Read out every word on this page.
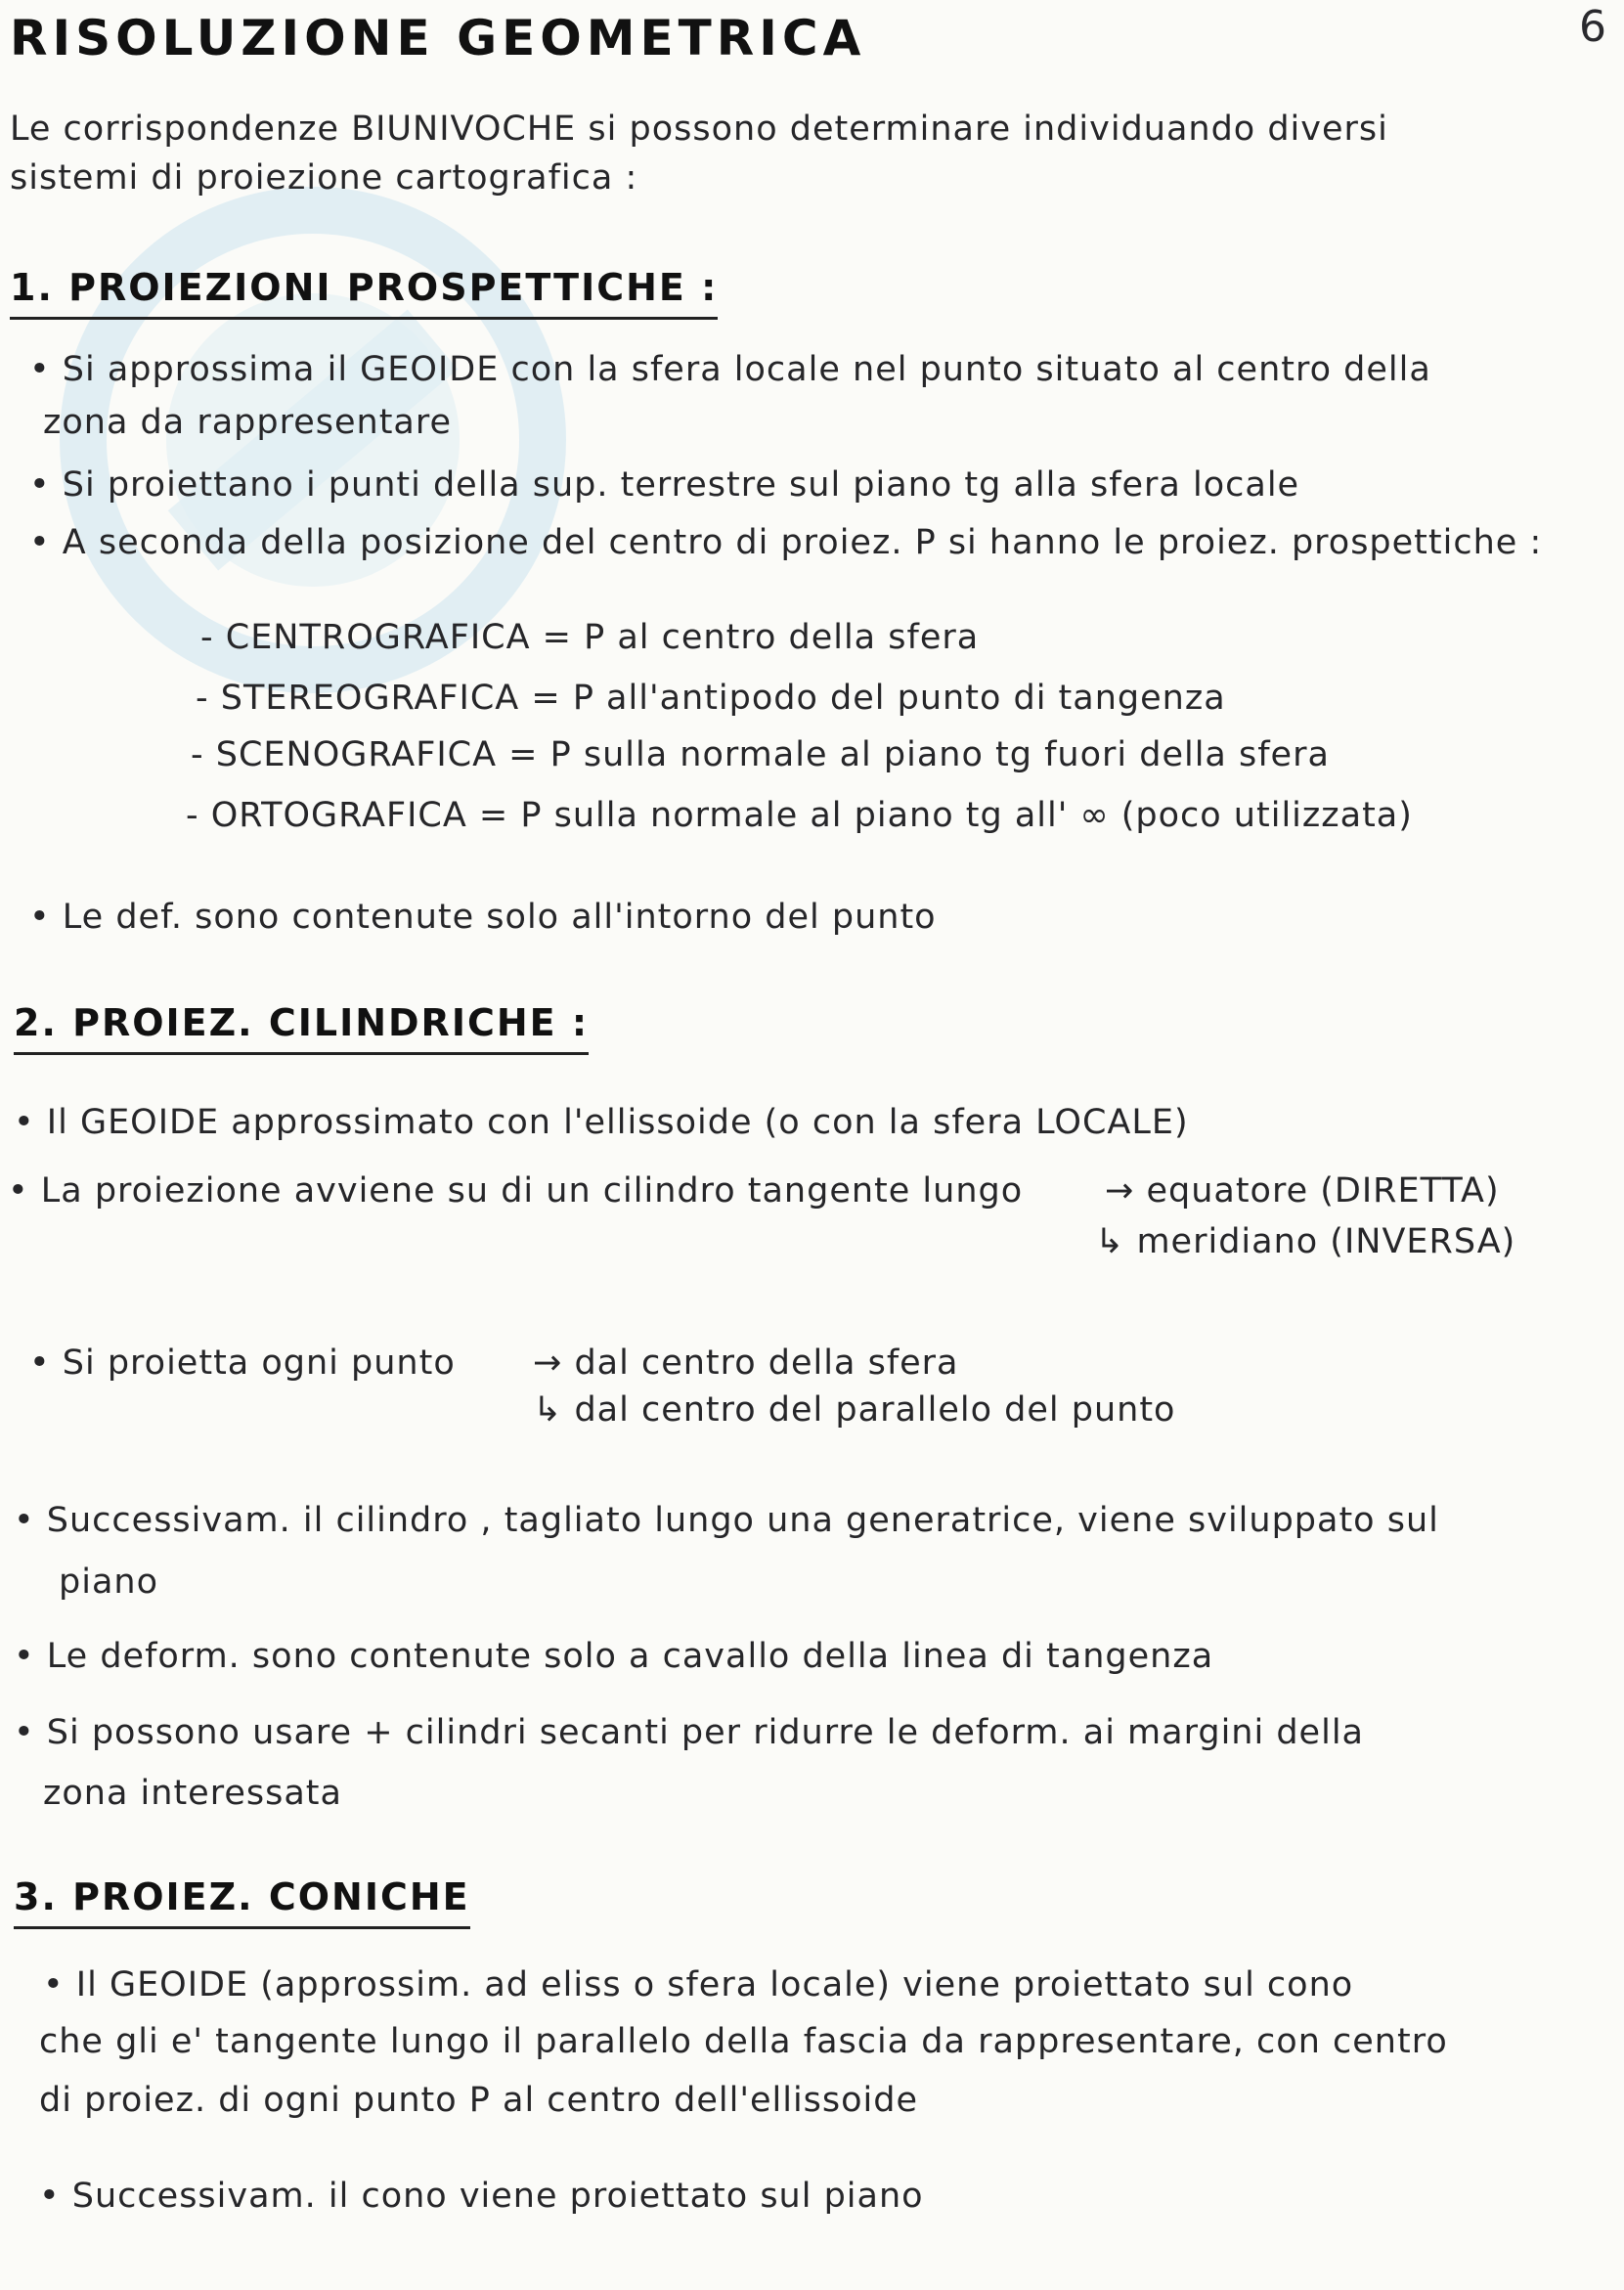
6
RISOLUZIONE GEOMETRICA
Le corrispondenze BIUNIVOCHE si possono determinare individuando diversi
sistemi di proiezione cartografica :
1. PROIEZIONI PROSPETTICHE :
• Si approssima il GEOIDE con la sfera locale nel punto situato al centro della
zona da rappresentare
• Si proiettano i punti della sup. terrestre sul piano tg alla sfera locale
• A seconda della posizione del centro di proiez. P si hanno le proiez. prospettiche :
- CENTROGRAFICA = P al centro della sfera
- STEREOGRAFICA = P all'antipodo del punto di tangenza
- SCENOGRAFICA = P sulla normale al piano tg fuori della sfera
- ORTOGRAFICA = P sulla normale al piano tg all' ∞ (poco utilizzata)
• Le def. sono contenute solo all'intorno del punto
2. PROIEZ. CILINDRICHE :
• Il GEOIDE approssimato con l'ellissoide (o con la sfera LOCALE)
• La proiezione avviene su di un cilindro tangente lungo → equatore (DIRETTA)
↳ meridiano (INVERSA)
• Si proietta ogni punto → dal centro della sfera
↳ dal centro del parallelo del punto
• Successivam. il cilindro , tagliato lungo una generatrice, viene sviluppato sul
piano
• Le deform. sono contenute solo a cavallo della linea di tangenza
• Si possono usare + cilindri secanti per ridurre le deform. ai margini della
zona interessata
3. PROIEZ. CONICHE
• Il GEOIDE (approssim. ad eliss o sfera locale) viene proiettato sul cono
che gli e' tangente lungo il parallelo della fascia da rappresentare, con centro
di proiez. di ogni punto P al centro dell'ellissoide
• Successivam. il cono viene proiettato sul piano
